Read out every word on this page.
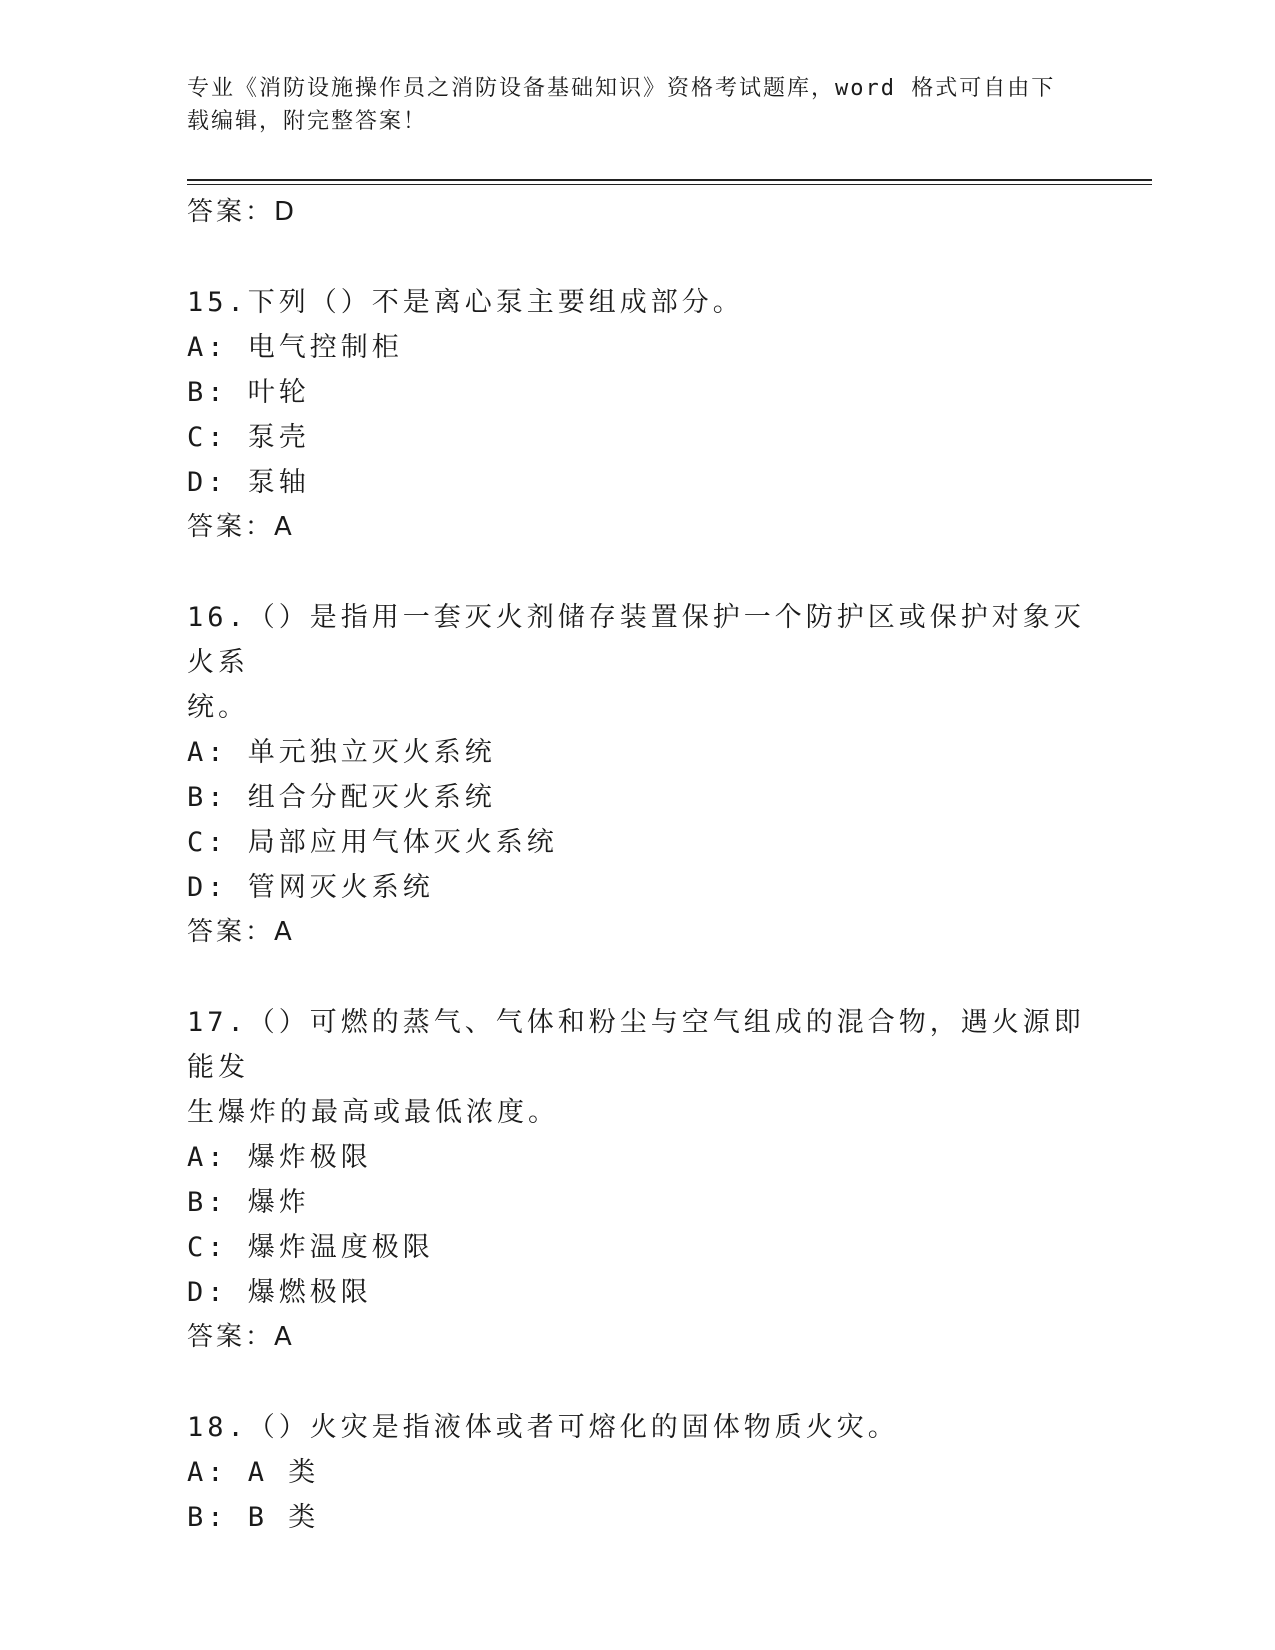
专业《消防设施操作员之消防设备基础知识》资格考试题库，word 格式可自由下
载编辑，附完整答案！
答案：D
15.下列（）不是离心泵主要组成部分。
A: 电气控制柜
B: 叶轮
C: 泵壳
D: 泵轴
答案：A
16.（）是指用一套灭火剂储存装置保护一个防护区或保护对象灭火系
统。
A: 单元独立灭火系统
B: 组合分配灭火系统
C: 局部应用气体灭火系统
D: 管网灭火系统
答案：A
17.（）可燃的蒸气、气体和粉尘与空气组成的混合物，遇火源即能发
生爆炸的最高或最低浓度。
A: 爆炸极限
B: 爆炸
C: 爆炸温度极限
D: 爆燃极限
答案：A
18.（）火灾是指液体或者可熔化的固体物质火灾。
A: A 类
B: B 类
